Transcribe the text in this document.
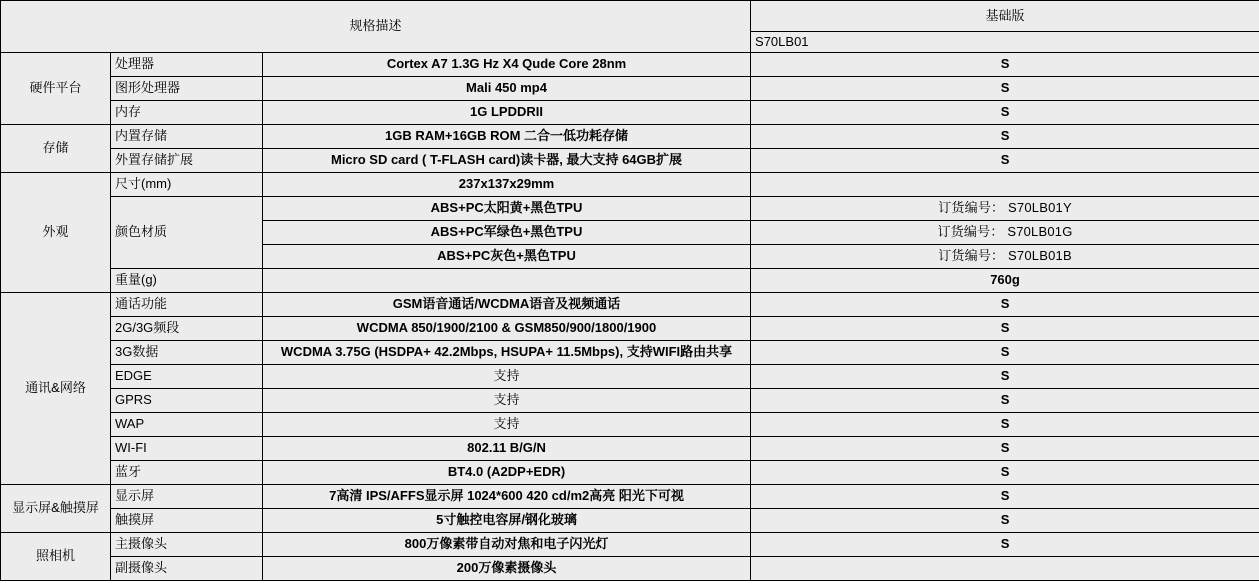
规格描述			基础版
			S70LB01
硬件平台	处理器	Cortex A7 1.3G Hz X4 Qude Core 28nm	S
	图形处理器	Mali 450 mp4	S
	内存	1G LPDDRII	S
存储	内置存储	1GB RAM+16GB ROM 二合一低功耗存储	S
	外置存储扩展	Micro SD card ( T-FLASH card)读卡器, 最大支持 64GB扩展	S
外观	尺寸(mm)	237x137x29mm	
	颜色材质	ABS+PC太阳黄+黑色TPU	订货编号： S70LB01Y
		ABS+PC军绿色+黑色TPU	订货编号： S70LB01G
		ABS+PC灰色+黑色TPU	订货编号： S70LB01B
	重量(g)		760g
通讯&网络	通话功能	GSM语音通话/WCDMA语音及视频通话	S
	2G/3G频段	WCDMA 850/1900/2100 & GSM850/900/1800/1900	S
	3G数据	WCDMA 3.75G (HSDPA+ 42.2Mbps, HSUPA+ 11.5Mbps), 支持WIFI路由共享	S
	EDGE	支持	S
	GPRS	支持	S
	WAP	支持	S
	WI-FI	802.11 B/G/N	S
	蓝牙	BT4.0 (A2DP+EDR)	S
显示屏&触摸屏	显示屏	7高清 IPS/AFFS显示屏 1024*600 420 cd/m2高亮 阳光下可视	S
	触摸屏	5寸触控电容屏/钢化玻璃	S
照相机	主摄像头	800万像素带自动对焦和电子闪光灯	S
	副摄像头	200万像素摄像头	
